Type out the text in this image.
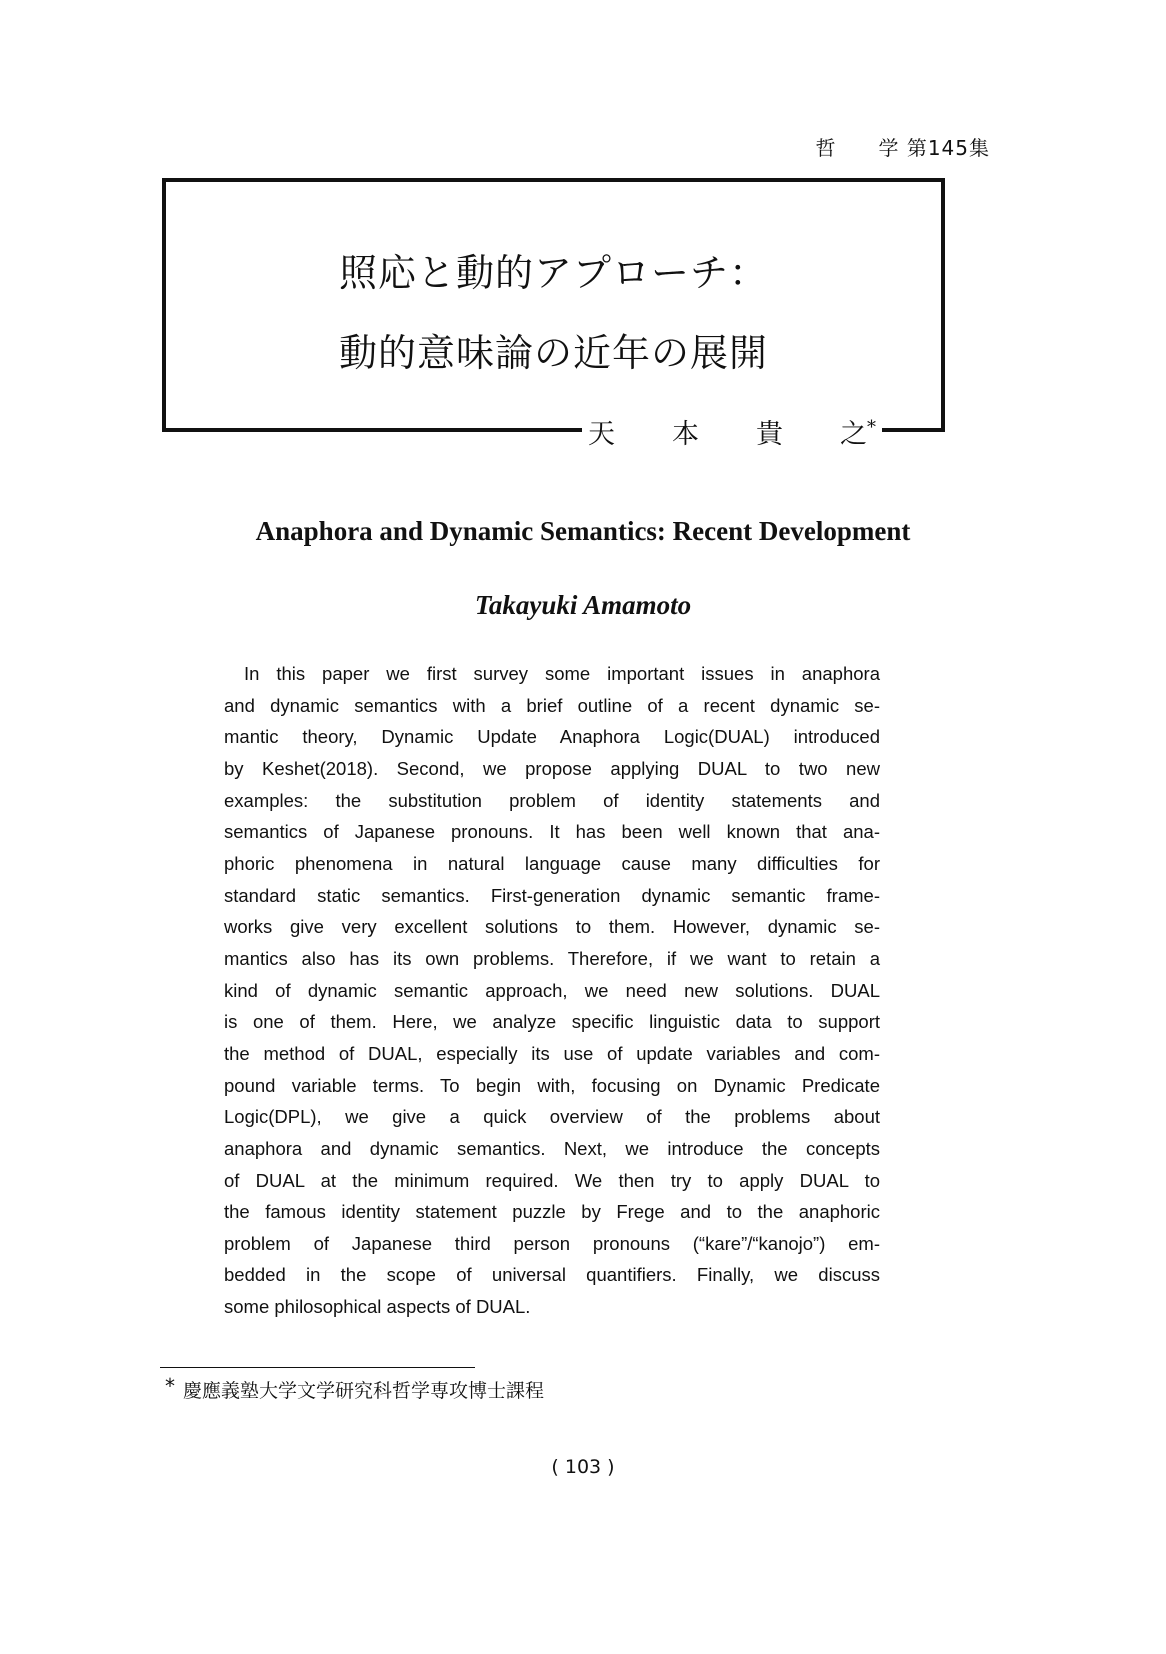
哲　　学 第145集
照応と動的アプローチ：
動的意味論の近年の展開
天 本 貴 之*
Anaphora and Dynamic Semantics: Recent Development
Takayuki Amamoto
In this paper we first survey some important issues in anaphora
and dynamic semantics with a brief outline of a recent dynamic se-
mantic theory, Dynamic Update Anaphora Logic(DUAL) introduced
by Keshet(2018). Second, we propose applying DUAL to two new
examples: the substitution problem of identity statements and
semantics of Japanese pronouns. It has been well known that ana-
phoric phenomena in natural language cause many difficulties for
standard static semantics. First-generation dynamic semantic frame-
works give very excellent solutions to them. However, dynamic se-
mantics also has its own problems. Therefore, if we want to retain a
kind of dynamic semantic approach, we need new solutions. DUAL
is one of them. Here, we analyze specific linguistic data to support
the method of DUAL, especially its use of update variables and com-
pound variable terms. To begin with, focusing on Dynamic Predicate
Logic(DPL), we give a quick overview of the problems about
anaphora and dynamic semantics. Next, we introduce the concepts
of DUAL at the minimum required. We then try to apply DUAL to
the famous identity statement puzzle by Frege and to the anaphoric
problem of Japanese third person pronouns (“kare”/“kanojo”) em-
bedded in the scope of universal quantifiers. Finally, we discuss
some philosophical aspects of DUAL.
* 慶應義塾大学文学研究科哲学専攻博士課程
( 103 )
